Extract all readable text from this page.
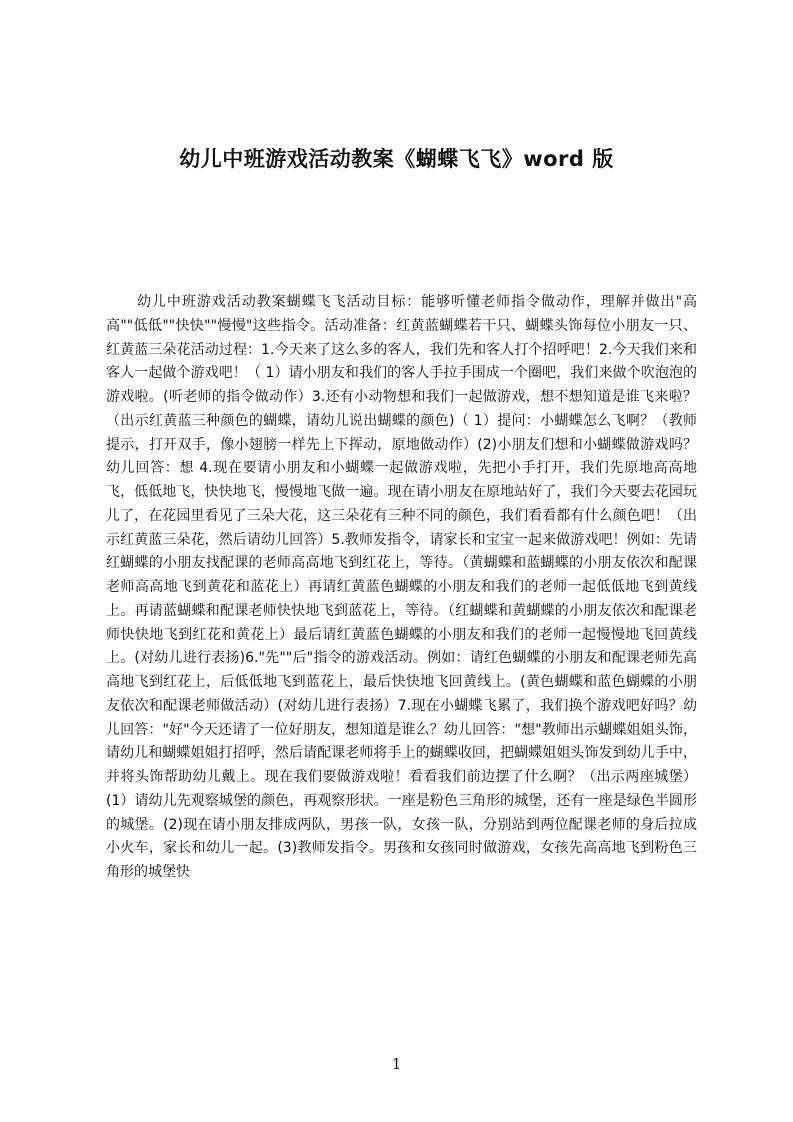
幼儿中班游戏活动教案《蝴蝶飞飞》word 版
幼儿中班游戏活动教案蝴蝶飞飞活动目标：能够听懂老师指令做动作，理解并做出"高高""低低""快快""慢慢"这些指令。活动准备：红黄蓝蝴蝶若干只、蝴蝶头饰每位小朋友一只、红黄蓝三朵花活动过程：1.今天来了这么多的客人，我们先和客人打个招呼吧！2.今天我们来和客人一起做个游戏吧！（ 1）请小朋友和我们的客人手拉手围成一个圈吧，我们来做个吹泡泡的游戏啦。(听老师的指令做动作）3.还有小动物想和我们一起做游戏，想不想知道是谁飞来啦？（出示红黄蓝三种颜色的蝴蝶，请幼儿说出蝴蝶的颜色)（ 1）提问：小蝴蝶怎么飞啊？（教师提示，打开双手，像小翅膀一样先上下挥动，原地做动作）(2)小朋友们想和小蝴蝶做游戏吗？幼儿回答：想 4.现在要请小朋友和小蝴蝶一起做游戏啦，先把小手打开，我们先原地高高地飞，低低地飞，快快地飞，慢慢地飞做一遍。现在请小朋友在原地站好了，我们今天要去花园玩儿了，在花园里看见了三朵大花，这三朵花有三种不同的颜色，我们看看都有什么颜色吧！（出示红黄蓝三朵花，然后请幼儿回答）5.教师发指令，请家长和宝宝一起来做游戏吧！例如：先请红蝴蝶的小朋友找配课的老师高高地飞到红花上，等待。（黄蝴蝶和蓝蝴蝶的小朋友依次和配课老师高高地飞到黄花和蓝花上）再请红黄蓝色蝴蝶的小朋友和我们的老师一起低低地飞到黄线上。再请蓝蝴蝶和配课老师快快地飞到蓝花上，等待。（红蝴蝶和黄蝴蝶的小朋友依次和配课老师快快地飞到红花和黄花上）最后请红黄蓝色蝴蝶的小朋友和我们的老师一起慢慢地飞回黄线上。(对幼儿进行表扬)6."先""后"指令的游戏活动。例如：请红色蝴蝶的小朋友和配课老师先高高地飞到红花上，后低低地飞到蓝花上，最后快快地飞回黄线上。(黄色蝴蝶和蓝色蝴蝶的小朋友依次和配课老师做活动）(对幼儿进行表扬）7.现在小蝴蝶飞累了，我们换个游戏吧好吗？幼儿回答："好"今天还请了一位好朋友，想知道是谁么？幼儿回答："想"教师出示蝴蝶姐姐头饰，请幼儿和蝴蝶姐姐打招呼，然后请配课老师将手上的蝴蝶收回，把蝴蝶姐姐头饰发到幼儿手中，并将头饰帮助幼儿戴上。现在我们要做游戏啦！看看我们前边摆了什么啊？（出示两座城堡）(1）请幼儿先观察城堡的颜色，再观察形状。一座是粉色三角形的城堡，还有一座是绿色半圆形的城堡。(2)现在请小朋友排成两队，男孩一队，女孩一队，分别站到两位配课老师的身后拉成小火车，家长和幼儿一起。(3)教师发指令。男孩和女孩同时做游戏，女孩先高高地飞到粉色三角形的城堡快
1
